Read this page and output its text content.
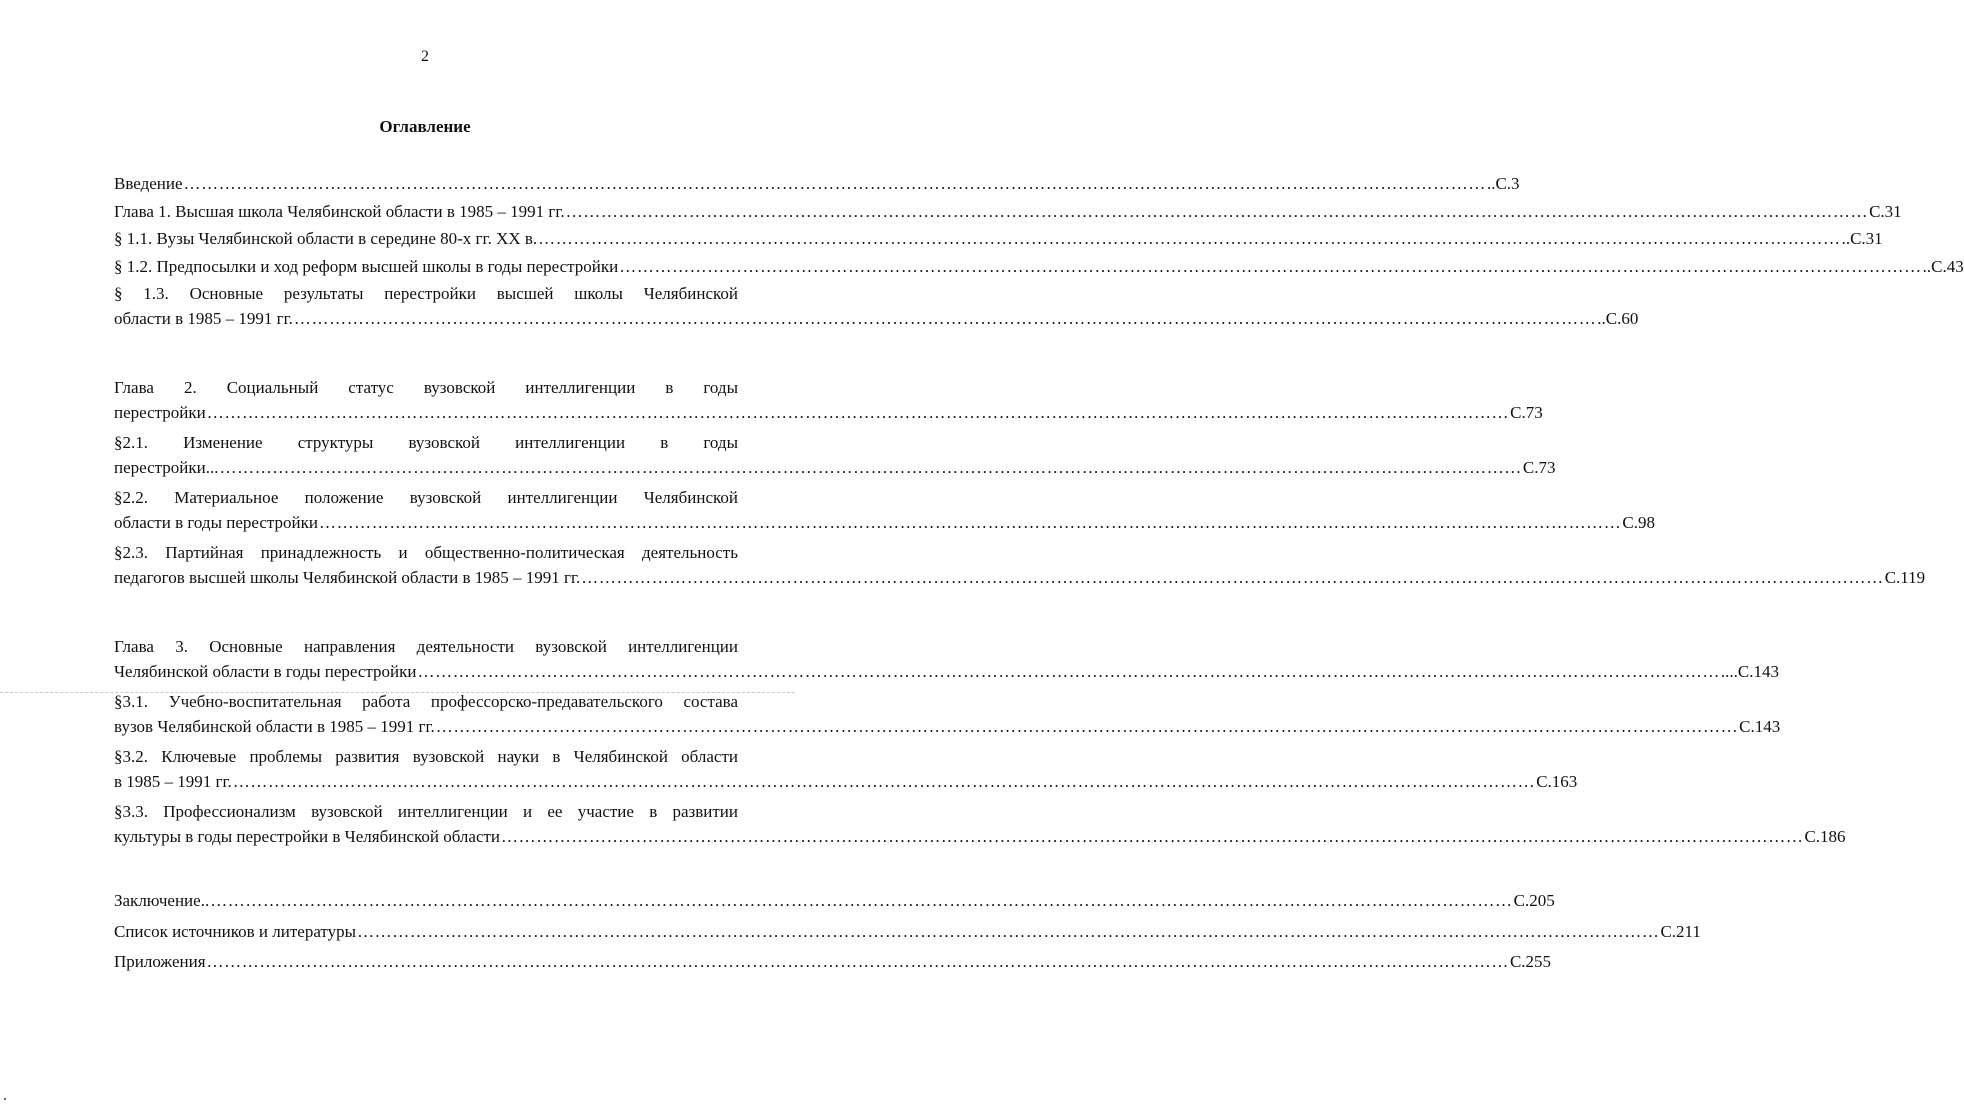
2
Оглавление
Введение ……………………………………………………………………………………………………………………………………………………………………………………………………	..С.3
Глава 1. Высшая школа Челябинской области в 1985 – 1991 гг. ……………………………………………………………………………………………………………………………………………………………………………………………………	С.31
§ 1.1. Вузы Челябинской области в середине 80-х гг. XX в. ……………………………………………………………………………………………………………………………………………………………………………………………………	..С.31
§ 1.2. Предпосылки и ход реформ высшей школы в годы перестройки ……………………………………………………………………………………………………………………………………………………………………………………………………	..С.43
§ 1.3. Основные результаты перестройки высшей школы Челябинской
области в 1985 – 1991 гг. ……………………………………………………………………………………………………………………………………………………………………………………………………	..С.60
Глава 2. Социальный статус вузовской интеллигенции в годы
перестройки ……………………………………………………………………………………………………………………………………………………………………………………………………	С.73
§2.1. Изменение структуры вузовской интеллигенции в годы
перестройки... ……………………………………………………………………………………………………………………………………………………………………………………………………	С.73
§2.2. Материальное положение вузовской интеллигенции Челябинской
области в годы перестройки ……………………………………………………………………………………………………………………………………………………………………………………………………	С.98
§2.3. Партийная принадлежность и общественно-политическая деятельность
педагогов высшей школы Челябинской области в 1985 – 1991 гг. ……………………………………………………………………………………………………………………………………………………………………………………………………	С.119
Глава 3. Основные направления деятельности вузовской интеллигенции
Челябинской области в годы перестройки ……………………………………………………………………………………………………………………………………………………………………………………………………	....С.143
§3.1. Учебно-воспитательная работа профессорско-предавательского состава
вузов Челябинской области в 1985 – 1991 гг. ……………………………………………………………………………………………………………………………………………………………………………………………………	С.143
§3.2. Ключевые проблемы развития вузовской науки в Челябинской области
в 1985 – 1991 гг. ……………………………………………………………………………………………………………………………………………………………………………………………………	С.163
§3.3. Профессионализм вузовской интеллигенции и ее участие в развитии
культуры в годы перестройки в Челябинской области ……………………………………………………………………………………………………………………………………………………………………………………………………	С.186
Заключение.. ……………………………………………………………………………………………………………………………………………………………………………………………………	С.205
Список источников и литературы ……………………………………………………………………………………………………………………………………………………………………………………………………	С.211
Приложения ……………………………………………………………………………………………………………………………………………………………………………………………………	С.255
